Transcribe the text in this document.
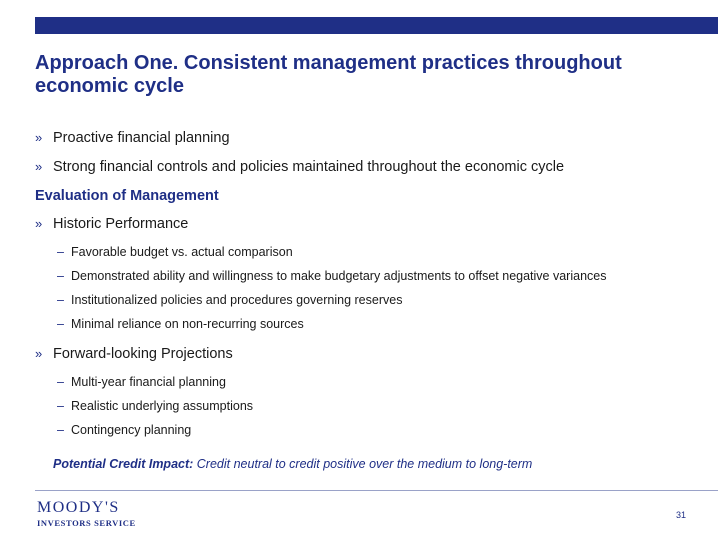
Approach One. Consistent management practices throughout economic cycle
» Proactive financial planning
» Strong financial controls and policies maintained throughout the economic cycle
Evaluation of Management
» Historic Performance
– Favorable budget vs. actual comparison
– Demonstrated ability and willingness to make budgetary adjustments to offset negative variances
– Institutionalized policies and procedures governing reserves
– Minimal reliance on non-recurring sources
» Forward-looking Projections
– Multi-year financial planning
– Realistic underlying assumptions
– Contingency planning
Potential Credit Impact: Credit neutral to credit positive over the medium to long-term
MOODY'S
INVESTORS SERVICE
31
